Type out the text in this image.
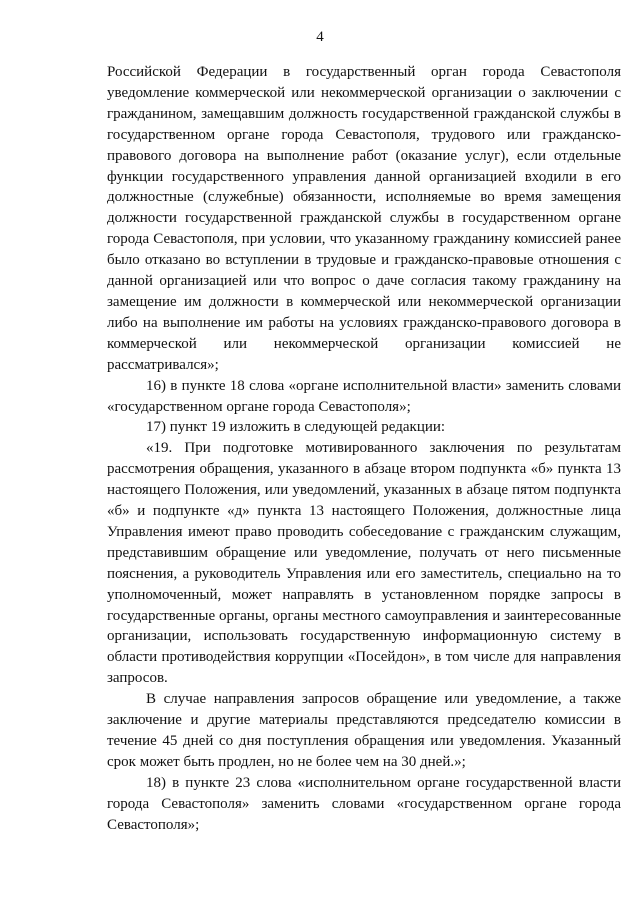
4

Российской Федерации в государственный орган города Севастополя уведомление коммерческой или некоммерческой организации о заключении с гражданином, замещавшим должность государственной гражданской службы в государственном органе города Севастополя, трудового или гражданско-правового договора на выполнение работ (оказание услуг), если отдельные функции государственного управления данной организацией входили в его должностные (служебные) обязанности, исполняемые во время замещения должности государственной гражданской службы в государственном органе города Севастополя, при условии, что указанному гражданину комиссией ранее было отказано во вступлении в трудовые и гражданско-правовые отношения с данной организацией или что вопрос о даче согласия такому гражданину на замещение им должности в коммерческой или некоммерческой организации либо на выполнение им работы на условиях гражданско-правового договора в коммерческой или некоммерческой организации комиссией не рассматривался»;

16) в пункте 18 слова «органе исполнительной власти» заменить словами «государственном органе города Севастополя»;

17) пункт 19 изложить в следующей редакции:

«19. При подготовке мотивированного заключения по результатам рассмотрения обращения, указанного в абзаце втором подпункта «б» пункта 13 настоящего Положения, или уведомлений, указанных в абзаце пятом подпункта «б» и подпункте «д» пункта 13 настоящего Положения, должностные лица Управления имеют право проводить собеседование с гражданским служащим, представившим обращение или уведомление, получать от него письменные пояснения, а руководитель Управления или его заместитель, специально на то уполномоченный, может направлять в установленном порядке запросы в государственные органы, органы местного самоуправления и заинтересованные организации, использовать государственную информационную систему в области противодействия коррупции «Посейдон», в том числе для направления запросов.

В случае направления запросов обращение или уведомление, а также заключение и другие материалы представляются председателю комиссии в течение 45 дней со дня поступления обращения или уведомления. Указанный срок может быть продлен, но не более чем на 30 дней.»;

18) в пункте 23 слова «исполнительном органе государственной власти города Севастополя» заменить словами «государственном органе города Севастополя»;
